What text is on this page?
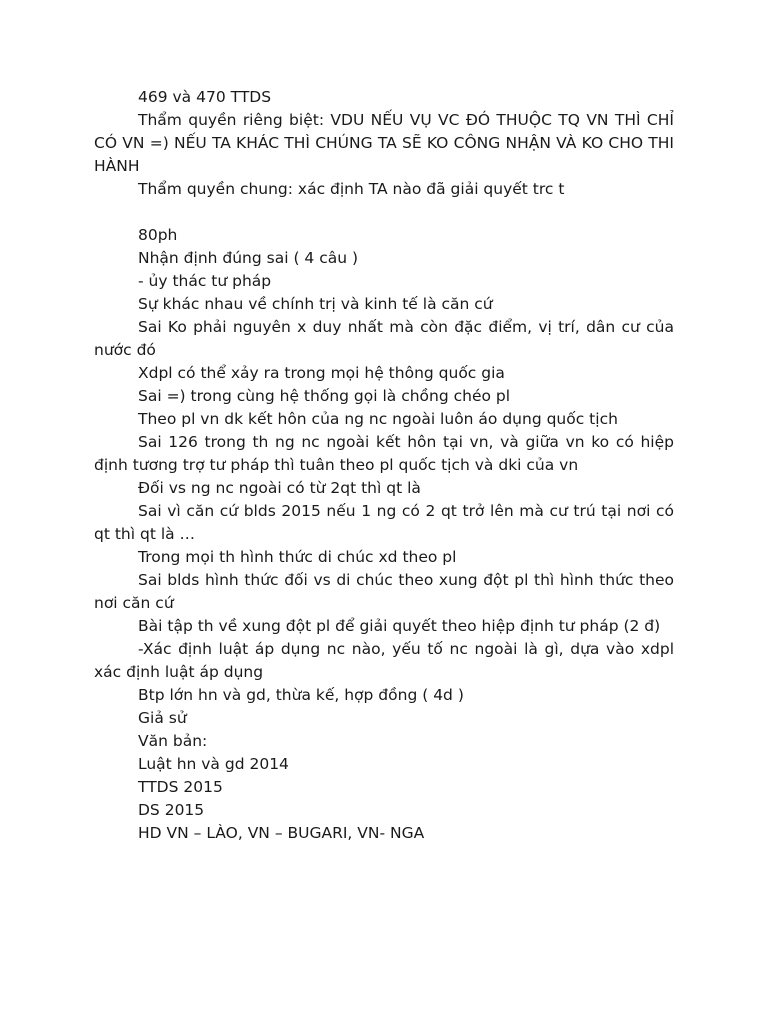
469 và 470 TTDS

Thẩm quyền riêng biệt: VDU NẾU VỤ VC ĐÓ THUỘC TQ VN THÌ CHỈ CÓ VN =) NẾU TA KHÁC THÌ CHÚNG TA SẼ KO CÔNG NHẬN VÀ KO CHO THI HÀNH

Thẩm quyền chung: xác định TA nào đã giải quyết trc t

80ph

Nhận định đúng sai ( 4 câu )

- ủy thác tư pháp

Sự khác nhau về chính trị và kinh tế là căn cứ

Sai Ko phải nguyên x duy nhất mà còn đặc điểm, vị trí, dân cư của nước đó

Xdpl có thể xảy ra trong mọi hệ thông quốc gia

Sai =) trong cùng hệ thống gọi là chồng chéo pl

Theo pl vn dk kết hôn của ng nc ngoài luôn áo dụng quốc tịch

Sai 126 trong th ng nc ngoài kết hôn tại vn, và giữa vn ko có hiệp định tương trợ tư pháp thì tuân theo pl quốc tịch và dki của vn

Đối vs ng nc ngoài có từ 2qt thì qt là

Sai vì căn cứ blds 2015 nếu 1 ng có 2 qt trở lên mà cư trú tại nơi có qt thì qt là …

Trong mọi th hình thức di chúc xd theo pl

Sai blds hình thức đối vs di chúc theo xung đột pl thì hình thức theo nơi căn cứ

Bài tập th về xung đột pl để giải quyết theo hiệp định tư pháp (2 đ)

-Xác định luật áp dụng nc nào, yếu tố nc ngoài là gì, dựa vào xdpl xác định luật áp dụng

Btp lớn hn và gd, thừa kế, hợp đồng ( 4d )

Giả sử

Văn bản:

Luật hn và gd 2014

TTDS 2015

DS 2015

HD VN – LÀO, VN – BUGARI, VN- NGA
